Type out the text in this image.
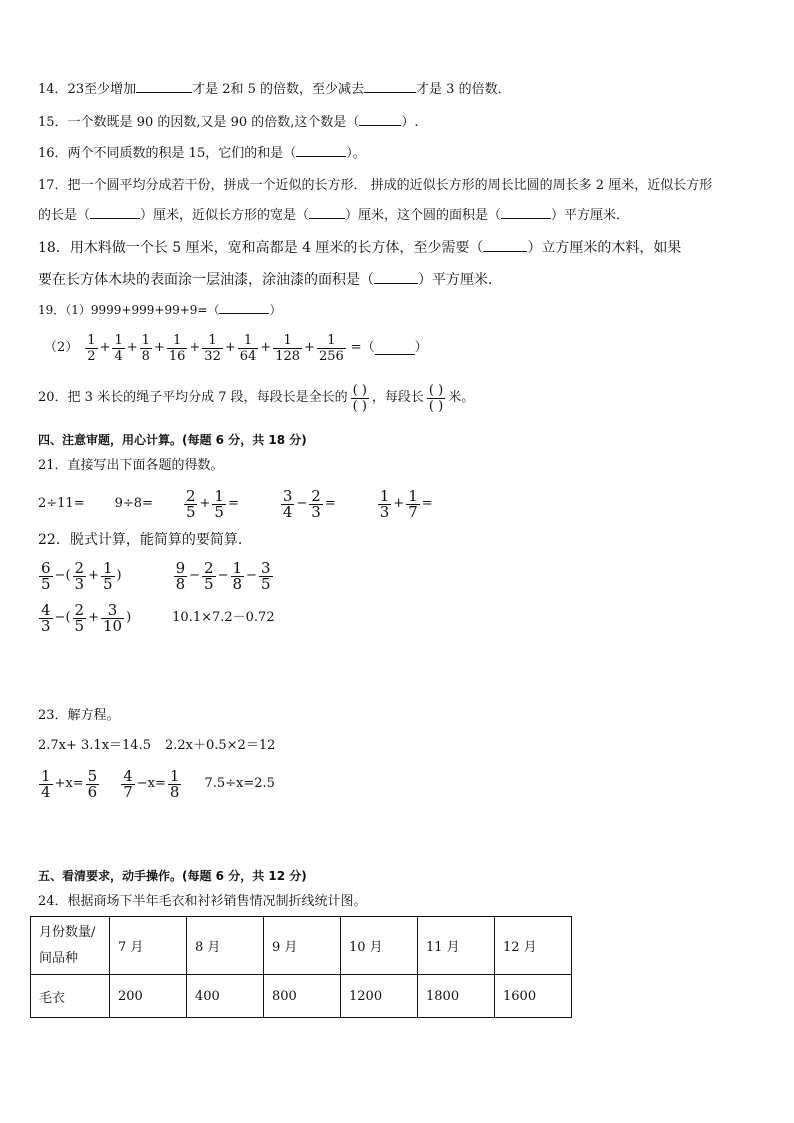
14．23至少增加	才是 2和 5 的倍数，至少减去	才是 3 的倍数．
15．一个数既是 90 的因数,又是 90 的倍数,这个数是（	）.
16．两个不同质数的积是 15，它们的和是（	）。
17．把一个圆平均分成若干份，拼成一个近似的长方形． 拼成的近似长方形的周长比圆的周长多 2 厘米，近似长方形
的长是（	）厘米，近似长方形的宽是（	）厘米，这个圆的面积是（	）平方厘米．
18．用木料做一个长 5 厘米，宽和高都是 4 厘米的长方体，至少需要（	）立方厘米的木料，如果
要在长方体木块的表面涂一层油漆，涂油漆的面积是（	）平方厘米．
19．（1）9999+999+99+9=（	）
$(2) \frac{1}{2} + \frac{1}{4} + \frac{1}{8} + \frac{1}{16} + \frac{1}{32} + \frac{1}{64} + \frac{1}{128} + \frac{1}{256}$ =（	）
20．把 3 米长的绳子平均分成 7 段，每段长是全长的 $\frac{( )}{( )}$ ，每段长 $\frac{( )}{( )}$ 米。
四、注意审题，用心计算。(每题 6 分，共 18 分)
21．直接写出下面各题的得数。
$2\div 11= 9\div 8= \frac{2}{5} + \frac{1}{5}$ =	$\frac{3}{4} - \frac{2}{3}$ =	$\frac{1}{3} + \frac{1}{7}$ =
22．脱式计算，能简算的要简算.
$\frac{6}{5}$ −( $\frac{2}{3} + \frac{1}{5}$ )	$\frac{9}{8} - \frac{2}{5} - \frac{1}{8} - \frac{3}{5}$
$\frac{4}{3}$ −( $\frac{2}{5} + \frac{3}{10}$ )	10.1×7.2－0.72
23．解方程。
2.7x+ 3.1x＝14.5 2.2x＋0.5×2＝12
$\frac{1}{4} +x= \frac{5}{6} \frac{4}{7} -x= \frac{1}{8} 7.5\div x=2.5$
五、看清要求，动手操作。(每题 6 分，共 12 分)
24．根据商场下半年毛衣和衬衫销售情况制折线统计图。
月份数量/
间品种	7 月	8 月	9 月	10 月	11 月	12 月
毛衣	200	400	800	1200	1800	1600
